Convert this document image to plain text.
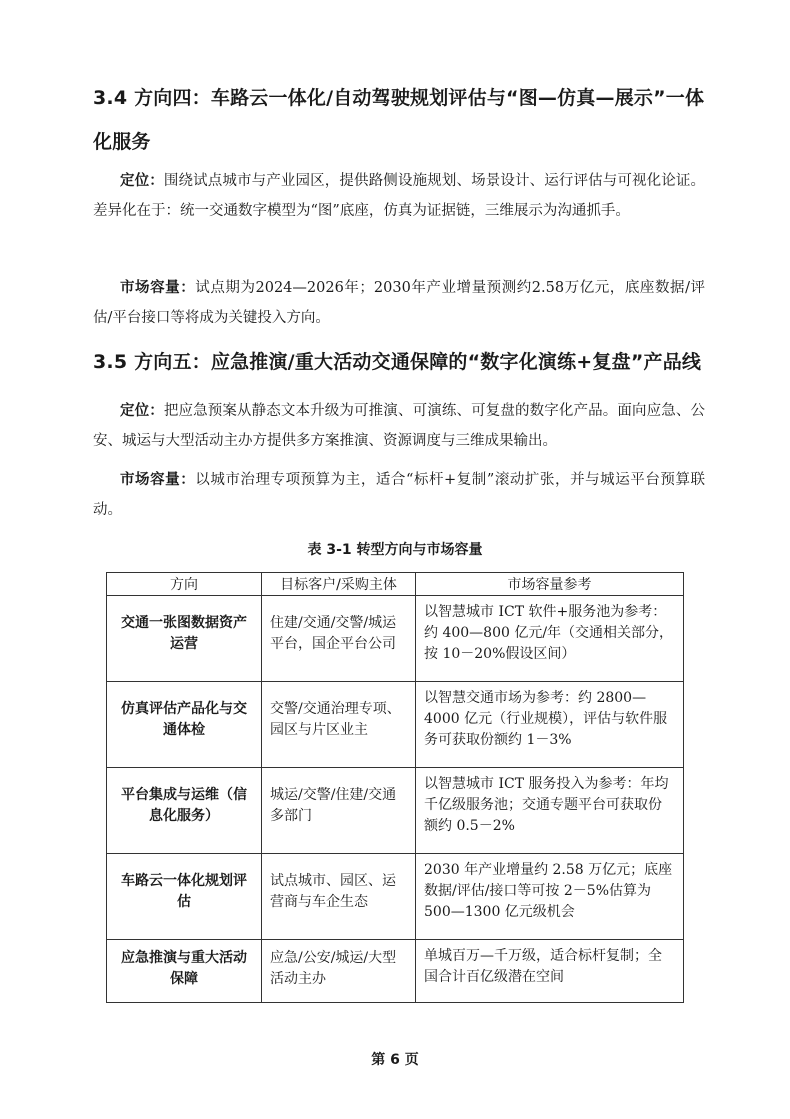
3.4 方向四：车路云一体化/自动驾驶规划评估与“图—仿真—展示”一体化服务

定位：围绕试点城市与产业园区，提供路侧设施规划、场景设计、运行评估与可视化论证。差异化在于：统一交通数字模型为“图”底座，仿真为证据链，三维展示为沟通抓手。

市场容量：试点期为2024—2026年；2030年产业增量预测约2.58万亿元，底座数据/评估/平台接口等将成为关键投入方向。

3.5 方向五：应急推演/重大活动交通保障的“数字化演练+复盘”产品线

定位：把应急预案从静态文本升级为可推演、可演练、可复盘的数字化产品。面向应急、公安、城运与大型活动主办方提供多方案推演、资源调度与三维成果输出。

市场容量：以城市治理专项预算为主，适合“标杆+复制”滚动扩张，并与城运平台预算联动。

表 3-1 转型方向与市场容量
方向	目标客户/采购主体	市场容量参考
交通一张图数据资产运营	住建/交通/交警/城运平台，国企平台公司	以智慧城市 ICT 软件+服务池为参考：约 400—800 亿元/年（交通相关部分，按 10－20%假设区间）
仿真评估产品化与交通体检	交警/交通治理专项、园区与片区业主	以智慧交通市场为参考：约 2800—4000 亿元（行业规模），评估与软件服务可获取份额约 1－3%
平台集成与运维（信息化服务）	城运/交警/住建/交通多部门	以智慧城市 ICT 服务投入为参考：年均千亿级服务池；交通专题平台可获取份额约 0.5－2%
车路云一体化规划评估	试点城市、园区、运营商与车企生态	2030 年产业增量约 2.58 万亿元；底座数据/评估/接口等可按 2－5%估算为 500—1300 亿元级机会
应急推演与重大活动保障	应急/公安/城运/大型活动主办	单城百万—千万级，适合标杆复制；全国合计百亿级潜在空间
第 6 页
